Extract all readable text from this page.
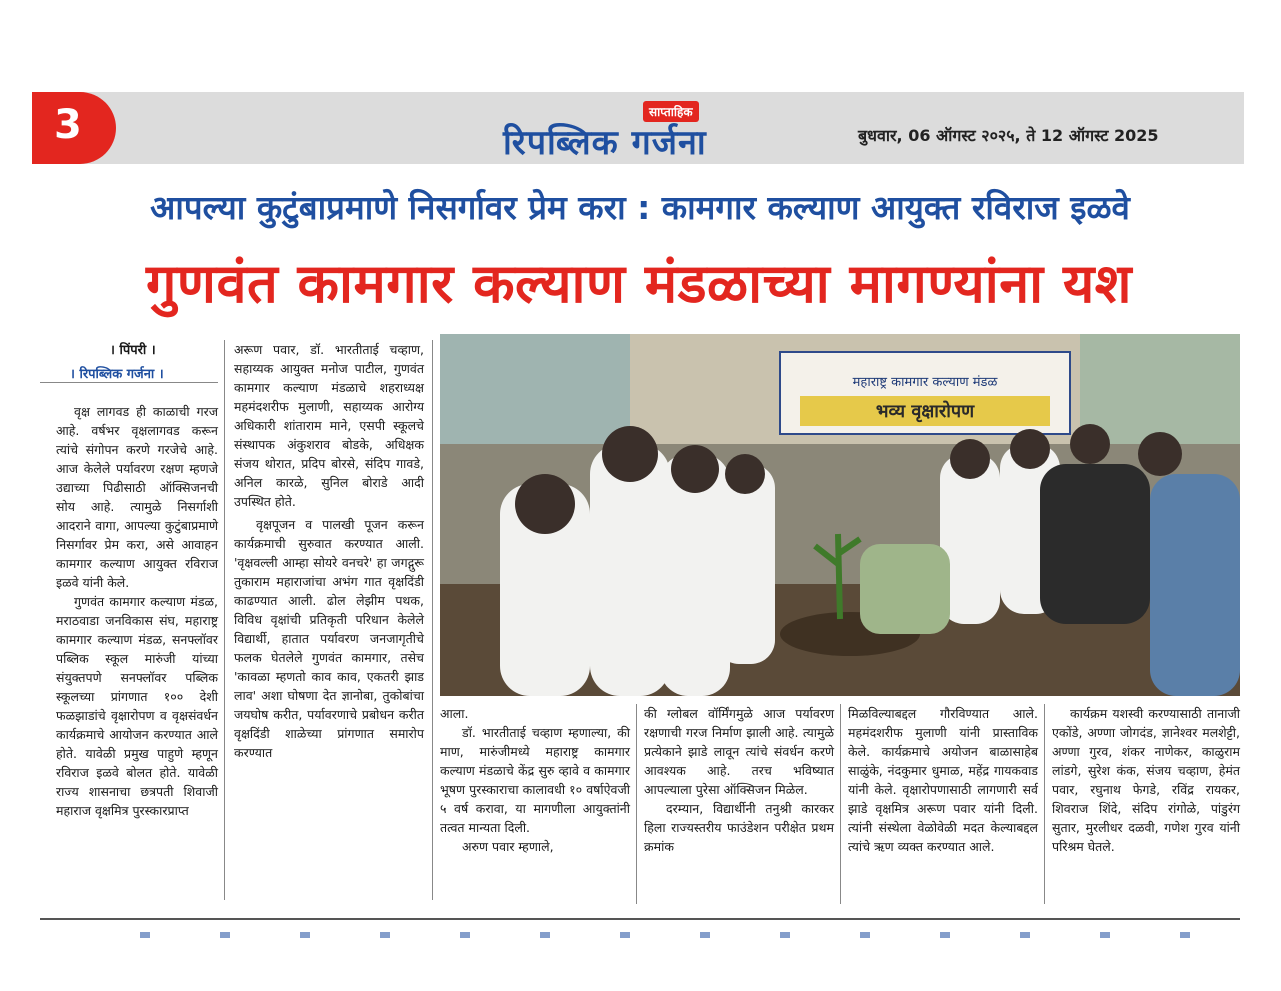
3	साप्ताहिक
रिपब्लिक गर्जना	बुधवार, 06 ऑगस्ट २०२५, ते 12 ऑगस्ट 2025
आपल्या कुटुंबाप्रमाणे निसर्गावर प्रेम करा : कामगार कल्याण आयुक्त रविराज इळवे
गुणवंत कामगार कल्याण मंडळाच्या मागण्यांना यश
। पिंपरी ।
। रिपब्लिक गर्जना ।

वृक्ष लागवड ही काळाची गरज आहे. वर्षभर वृक्षलागवड करून त्यांचे संगोपन करणे गरजेचे आहे. आज केलेले पर्यावरण रक्षण म्हणजे उद्याच्या पिढीसाठी ऑक्सिजनची सोय आहे. त्यामुळे निसर्गाशी आदराने वागा, आपल्या कुटुंबाप्रमाणे निसर्गावर प्रेम करा, असे आवाहन कामगार कल्याण आयुक्त रविराज इळवे यांनी केले.

गुणवंत कामगार कल्याण मंडळ, मराठवाडा जनविकास संघ, महाराष्ट्र कामगार कल्याण मंडळ, सनफ्लॉवर पब्लिक स्कूल मारुंजी यांच्या संयुक्तपणे सनफ्लॉवर पब्लिक स्कूलच्या प्रांगणात १०० देशी फळझाडांचे वृक्षारोपण व वृक्षसंवर्धन कार्यक्रमाचे आयोजन करण्यात आले होते. यावेळी प्रमुख पाहुणे म्हणून रविराज इळवे बोलत होते. यावेळी राज्य शासनाचा छत्रपती शिवाजी महाराज वृक्षमित्र पुरस्कारप्राप्त

अरूण पवार, डॉ. भारतीताई चव्हाण, सहाय्यक आयुक्त मनोज पाटील, गुणवंत कामगार कल्याण मंडळाचे शहराध्यक्ष महमंदशरीफ मुलाणी, सहाय्यक आरोग्य अधिकारी शांताराम माने, एसपी स्कूलचे संस्थापक अंकुशराव बोडके, अधिक्षक संजय थोरात, प्रदिप बोरसे, संदिप गावडे, अनिल कारळे, सुनिल बोराडे आदी उपस्थित होते.

वृक्षपूजन व पालखी पूजन करून कार्यक्रमाची सुरुवात करण्यात आली. 'वृक्षवल्ली आम्हा सोयरे वनचरे' हा जगद्गुरू तुकाराम महाराजांचा अभंग गात वृक्षदिंडी काढण्यात आली. ढोल लेझीम पथक, विविध वृक्षांची प्रतिकृती परिधान केलेले विद्यार्थी, हातात पर्यावरण जनजागृतीचे फलक घेतलेले गुणवंत कामगार, तसेच 'कावळा म्हणतो काव काव, एकतरी झाड लाव' अशा घोषणा देत ज्ञानोबा, तुकोबांचा जयघोष करीत, पर्यावरणाचे प्रबोधन करीत वृक्षदिंडी शाळेच्या प्रांगणात समारोप करण्यात

महाराष्ट्र कामगार कल्याण मंडळ
भव्य वृक्षारोपण

आला.

डॉ. भारतीताई चव्हाण म्हणाल्या, की माण, मारुंजीमध्ये महाराष्ट्र कामगार कल्याण मंडळाचे केंद्र सुरु व्हावे व कामगार भूषण पुरस्काराचा कालावधी १० वर्षाऐवजी ५ वर्ष करावा, या मागणीला आयुक्तांनी तत्वत मान्यता दिली.

अरुण पवार म्हणाले,

की ग्लोबल वॉर्मिंगमुळे आज पर्यावरण रक्षणाची गरज निर्माण झाली आहे. त्यामुळे प्रत्येकाने झाडे लावून त्यांचे संवर्धन करणे आवश्यक आहे. तरच भविष्यात आपल्याला पुरेसा ऑक्सिजन मिळेल.

दरम्यान, विद्यार्थीनी तनुश्री कारकर हिला राज्यस्तरीय फाउंडेशन परीक्षेत प्रथम क्रमांक

मिळविल्याबद्दल गौरविण्यात आले. महमंदशरीफ मुलाणी यांनी प्रास्ताविक केले. कार्यक्रमाचे अयोजन बाळासाहेब साळुंके, नंदकुमार धुमाळ, महेंद्र गायकवाड यांनी केले. वृक्षारोपणासाठी लागणारी सर्व झाडे वृक्षमित्र अरूण पवार यांनी दिली. त्यांनी संस्थेला वेळोवेळी मदत केल्याबद्दल त्यांचे ऋण व्यक्त करण्यात आले.

कार्यक्रम यशस्वी करण्यासाठी तानाजी एकोंडे, अण्णा जोगदंड, ज्ञानेश्वर मलशेट्टी, अण्णा गुरव, शंकर नाणेकर, काळुराम लांडगे, सुरेश कंक, संजय चव्हाण, हेमंत पवार, रघुनाथ फेगडे, रविंद्र रायकर, शिवराज शिंदे, संदिप रांगोळे, पांडुरंग सुतार, मुरलीधर दळवी, गणेश गुरव यांनी परिश्रम घेतले.
